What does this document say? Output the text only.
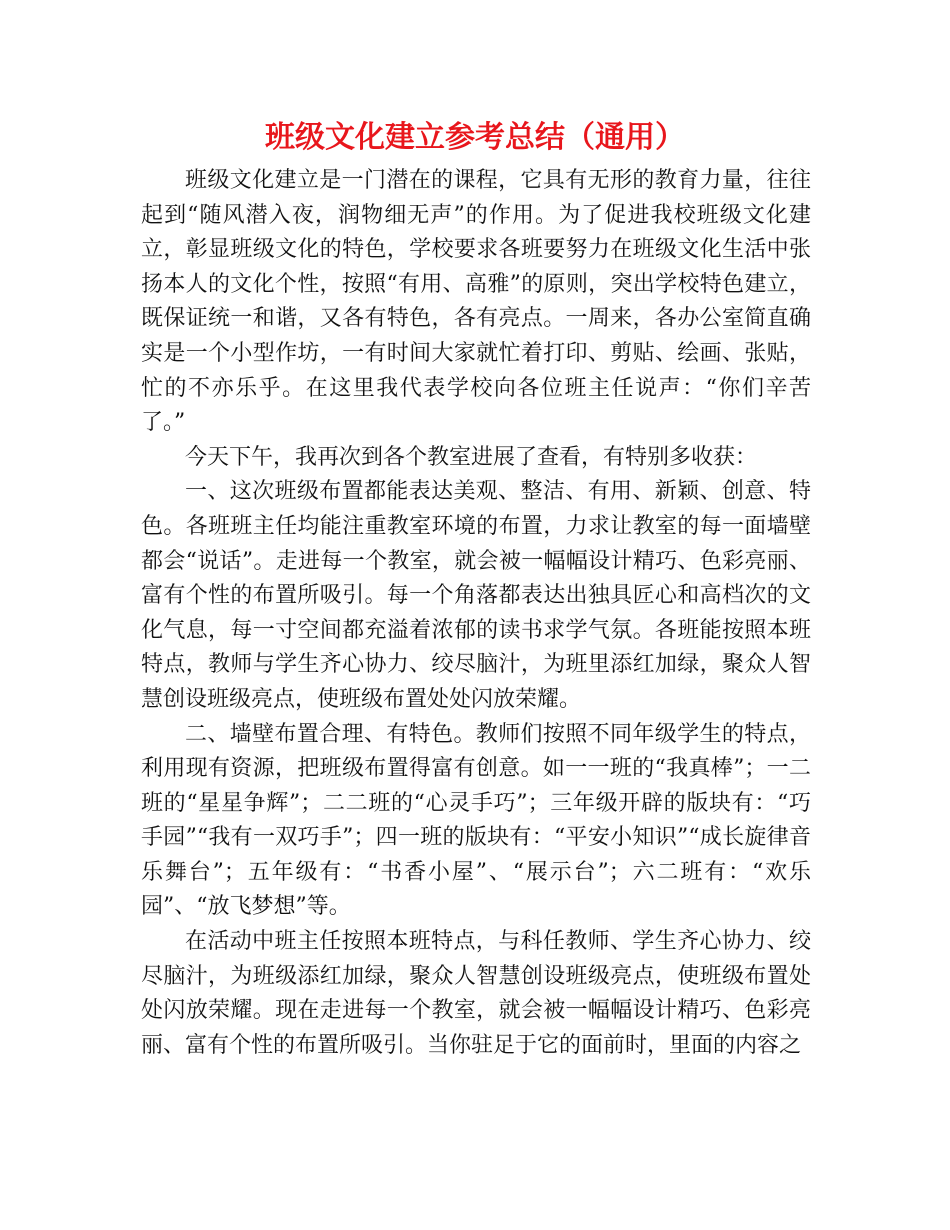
班级文化建立参考总结（通用）

班级文化建立是一门潜在的课程，它具有无形的教育力量，往往起到“随风潜入夜，润物细无声”的作用。为了促进我校班级文化建立，彰显班级文化的特色，学校要求各班要努力在班级文化生活中张扬本人的文化个性，按照“有用、高雅”的原则，突出学校特色建立，既保证统一和谐，又各有特色，各有亮点。一周来，各办公室简直确实是一个小型作坊，一有时间大家就忙着打印、剪贴、绘画、张贴，忙的不亦乐乎。在这里我代表学校向各位班主任说声：“你们辛苦了。”

今天下午，我再次到各个教室进展了查看，有特别多收获：

一、这次班级布置都能表达美观、整洁、有用、新颖、创意、特色。各班班主任均能注重教室环境的布置，力求让教室的每一面墙壁都会“说话”。走进每一个教室，就会被一幅幅设计精巧、色彩亮丽、富有个性的布置所吸引。每一个角落都表达出独具匠心和高档次的文化气息，每一寸空间都充溢着浓郁的读书求学气氛。各班能按照本班特点，教师与学生齐心协力、绞尽脑汁，为班里添红加绿，聚众人智慧创设班级亮点，使班级布置处处闪放荣耀。

二、墙壁布置合理、有特色。教师们按照不同年级学生的特点，利用现有资源，把班级布置得富有创意。如一一班的“我真棒”；一二班的“星星争辉”；二二班的“心灵手巧”；三年级开辟的版块有：“巧手园”“我有一双巧手”；四一班的版块有：“平安小知识”“成长旋律音乐舞台”；五年级有：“书香小屋”、“展示台”；六二班有：“欢乐园”、“放飞梦想”等。

在活动中班主任按照本班特点，与科任教师、学生齐心协力、绞尽脑汁，为班级添红加绿，聚众人智慧创设班级亮点，使班级布置处处闪放荣耀。现在走进每一个教室，就会被一幅幅设计精巧、色彩亮丽、富有个性的布置所吸引。当你驻足于它的面前时，里面的内容之
